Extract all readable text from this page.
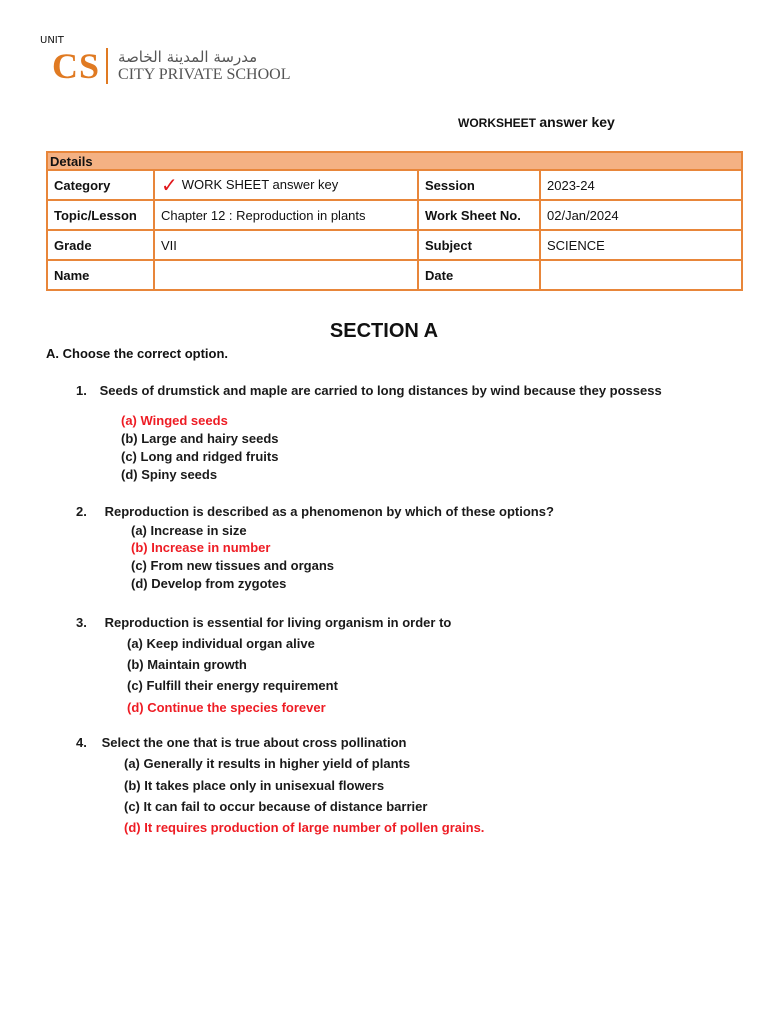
UNIT
CS مدرسة المدينة الخاصة
CITY PRIVATE SCHOOL
WORKSHEET answer key
Details			
Category	✓ WORK SHEET answer key	Session	2023-24
Topic/Lesson	Chapter 12 : Reproduction in plants	Work Sheet No.	02/Jan/2024
Grade	VII	Subject	SCIENCE
Name		Date	
SECTION A
A. Choose the correct option.
1. Seeds of drumstick and maple are carried to long distances by wind because they possess
(a) Winged seeds
(b) Large and hairy seeds
(c) Long and ridged fruits
(d) Spiny seeds
2. Reproduction is described as a phenomenon by which of these options?
(a) Increase in size
(b) Increase in number
(c) From new tissues and organs
(d) Develop from zygotes
3. Reproduction is essential for living organism in order to
(a) Keep individual organ alive
(b) Maintain growth
(c) Fulfill their energy requirement
(d) Continue the species forever
4. Select the one that is true about cross pollination
(a) Generally it results in higher yield of plants
(b) It takes place only in unisexual flowers
(c) It can fail to occur because of distance barrier
(d) It requires production of large number of pollen grains.
